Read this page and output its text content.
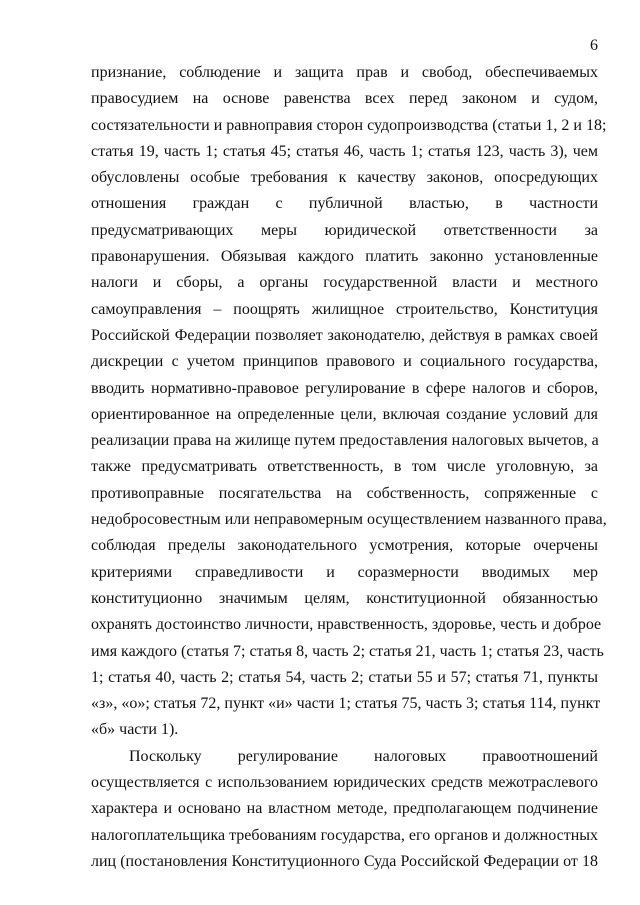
6
признание, соблюдение и защита прав и свобод, обеспечиваемых
правосудием на основе равенства всех перед законом и судом,
состязательности и равноправия сторон судопроизводства (статьи 1, 2 и 18;
статья 19, часть 1; статья 45; статья 46, часть 1; статья 123, часть 3), чем
обусловлены особые требования к качеству законов, опосредующих
отношения граждан с публичной властью, в частности
предусматривающих меры юридической ответственности за
правонарушения. Обязывая каждого платить законно установленные
налоги и сборы, а органы государственной власти и местного
самоуправления – поощрять жилищное строительство, Конституция
Российской Федерации позволяет законодателю, действуя в рамках своей
дискреции с учетом принципов правового и социального государства,
вводить нормативно-правовое регулирование в сфере налогов и сборов,
ориентированное на определенные цели, включая создание условий для
реализации права на жилище путем предоставления налоговых вычетов, а
также предусматривать ответственность, в том числе уголовную, за
противоправные посягательства на собственность, сопряженные с
недобросовестным или неправомерным осуществлением названного права,
соблюдая пределы законодательного усмотрения, которые очерчены
критериями справедливости и соразмерности вводимых мер
конституционно значимым целям, конституционной обязанностью
охранять достоинство личности, нравственность, здоровье, честь и доброе
имя каждого (статья 7; статья 8, часть 2; статья 21, часть 1; статья 23, часть
1; статья 40, часть 2; статья 54, часть 2; статьи 55 и 57; статья 71, пункты
«з», «о»; статья 72, пункт «и» части 1; статья 75, часть 3; статья 114, пункт
«б» части 1).
Поскольку регулирование налоговых правоотношений
осуществляется с использованием юридических средств межотраслевого
характера и основано на властном методе, предполагающем подчинение
налогоплательщика требованиям государства, его органов и должностных
лиц (постановления Конституционного Суда Российской Федерации от 18
